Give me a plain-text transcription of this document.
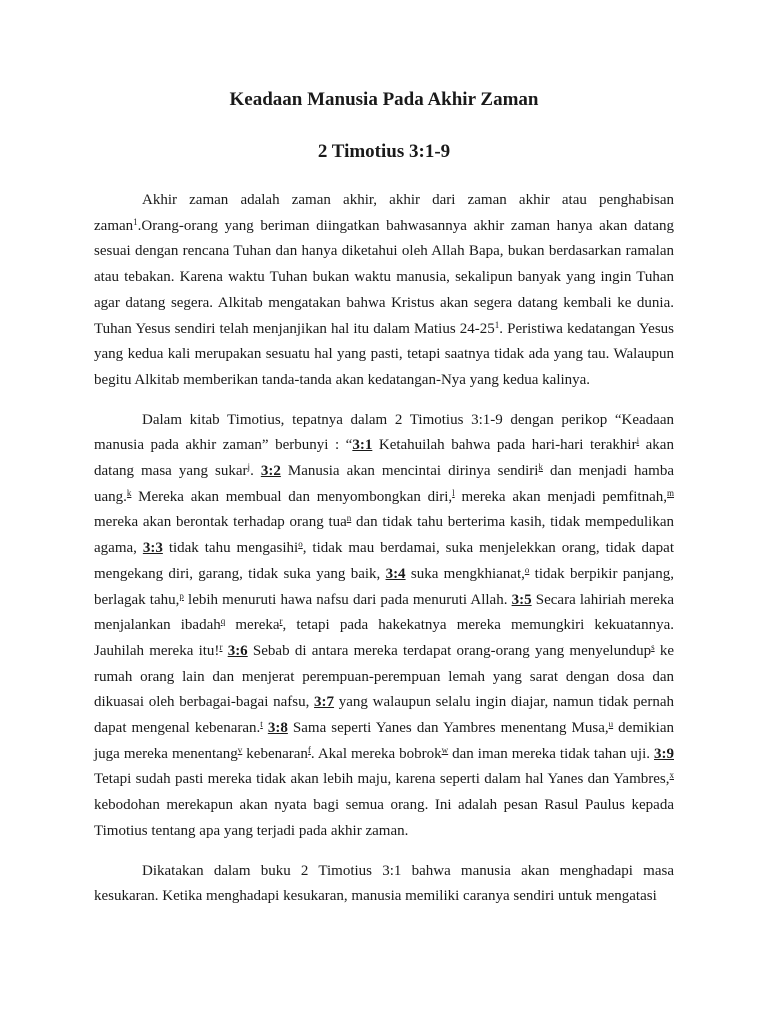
Keadaan Manusia Pada Akhir Zaman
2 Timotius 3:1-9

Akhir zaman adalah zaman akhir, akhir dari zaman akhir atau penghabisan zaman$^1$.Orang-orang yang beriman diingatkan bahwasannya akhir zaman hanya akan datang sesuai dengan rencana Tuhan dan hanya diketahui oleh Allah Bapa, bukan berdasarkan ramalan atau tebakan. Karena waktu Tuhan bukan waktu manusia, sekalipun banyak yang ingin Tuhan agar datang segera. Alkitab mengatakan bahwa Kristus akan segera datang kembali ke dunia. Tuhan Yesus sendiri telah menjanjikan hal itu dalam Matius $24-25^1$. Peristiwa kedatangan Yesus yang kedua kali merupakan sesuatu hal yang pasti, tetapi saatnya tidak ada yang tau. Walaupun begitu Alkitab memberikan tanda-tanda akan kedatangan-Nya yang kedua kalinya.

Dalam kitab Timotius, tepatnya dalam 2 Timotius 3:1-9 dengan perikop “Keadaan manusia pada akhir zaman” berbunyi : “3:1 Ketahuilah bahwa pada hari-hari terakhir$^i$ akan datang masa yang sukar$^j$. 3:2 Manusia akan mencintai dirinya sendiri$^k$ dan menjadi hamba uang.$^k$ Mereka akan membual dan menyombongkan diri,$^l$ mereka akan menjadi pemfitnah,$^m$ mereka akan berontak terhadap orang tua$^n$ dan tidak tahu berterima kasih, tidak mempedulikan agama, 3:3 tidak tahu mengasihi$^o$, tidak mau berdamai, suka menjelekkan orang, tidak dapat mengekang diri, garang, tidak suka yang baik, 3:4 suka mengkhianat,$^o$ tidak berpikir panjang, berlagak tahu,$^p$ lebih menuruti hawa nafsu dari pada menuruti Allah. 3:5 Secara lahiriah mereka menjalankan ibadah$^q$ mereka$^r$, tetapi pada hakekatnya mereka memungkiri kekuatannya. Jauhilah mereka itu!$^r$ 3:6 Sebab di antara mereka terdapat orang-orang yang menyelundup$^s$ ke rumah orang lain dan menjerat perempuan-perempuan lemah yang sarat dengan dosa dan dikuasai oleh berbagai-bagai nafsu, 3:7 yang walaupun selalu ingin diajar, namun tidak pernah dapat mengenal kebenaran.$^t$ 3:8 Sama seperti Yanes dan Yambres menentang Musa,$^u$ demikian juga mereka menentang$^v$ kebenaran$^f$. Akal mereka bobrok$^w$ dan iman mereka tidak tahan uji. 3:9 Tetapi sudah pasti mereka tidak akan lebih maju, karena seperti dalam hal Yanes dan Yambres,$^x$ kebodohan merekapun akan nyata bagi semua orang. Ini adalah pesan Rasul Paulus kepada Timotius tentang apa yang terjadi pada akhir zaman.

Dikatakan dalam buku 2 Timotius 3:1 bahwa manusia akan menghadapi masa kesukaran. Ketika menghadapi kesukaran, manusia memiliki caranya sendiri untuk mengatasi
